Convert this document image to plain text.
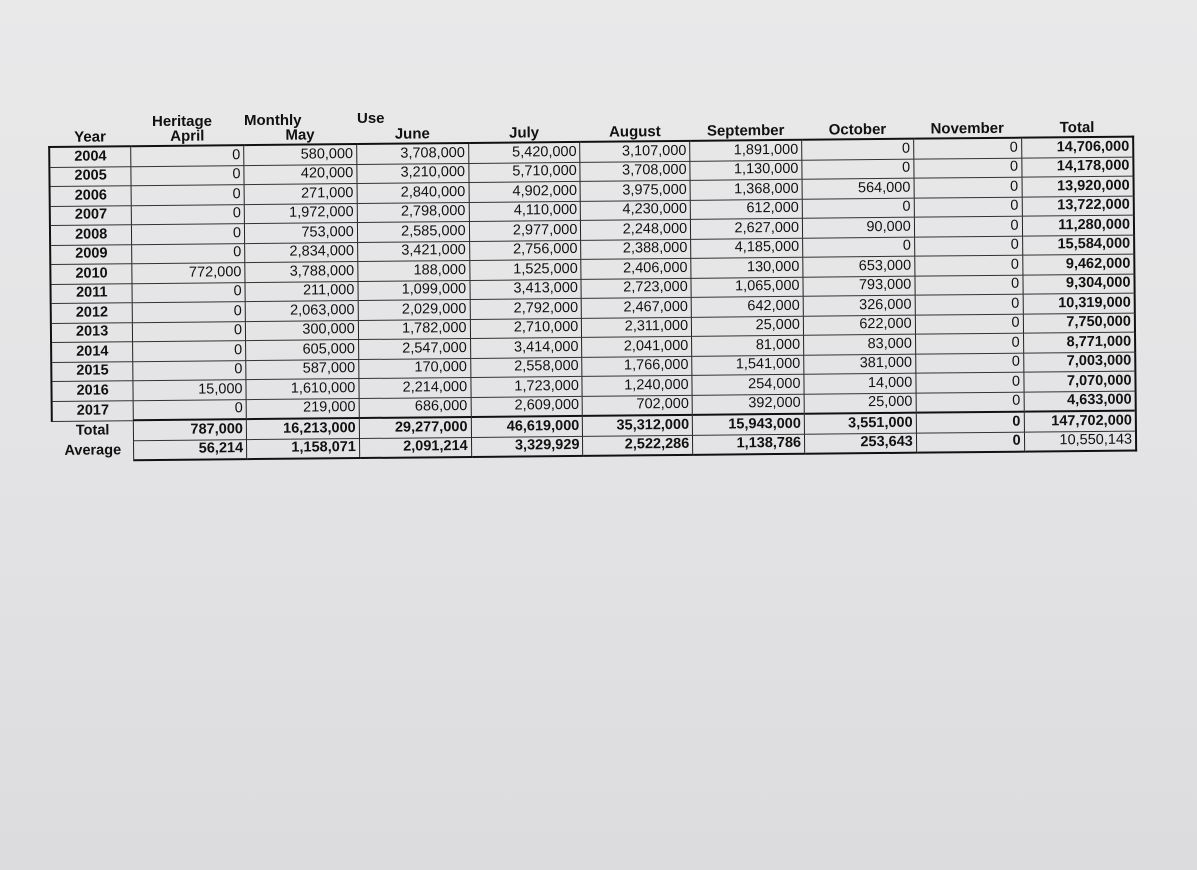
Heritage Monthly	Use
Year	April	May	June	July	August	September	October	November	Total
2004	0	580,000	3,708,000	5,420,000	3,107,000	1,891,000	0	0	14,706,000
2005	0	420,000	3,210,000	5,710,000	3,708,000	1,130,000	0	0	14,178,000
2006	0	271,000	2,840,000	4,902,000	3,975,000	1,368,000	564,000	0	13,920,000
2007	0	1,972,000	2,798,000	4,110,000	4,230,000	612,000	0	0	13,722,000
2008	0	753,000	2,585,000	2,977,000	2,248,000	2,627,000	90,000	0	11,280,000
2009	0	2,834,000	3,421,000	2,756,000	2,388,000	4,185,000	0	0	15,584,000
2010	772,000	3,788,000	188,000	1,525,000	2,406,000	130,000	653,000	0	9,462,000
2011	0	211,000	1,099,000	3,413,000	2,723,000	1,065,000	793,000	0	9,304,000
2012	0	2,063,000	2,029,000	2,792,000	2,467,000	642,000	326,000	0	10,319,000
2013	0	300,000	1,782,000	2,710,000	2,311,000	25,000	622,000	0	7,750,000
2014	0	605,000	2,547,000	3,414,000	2,041,000	81,000	83,000	0	8,771,000
2015	0	587,000	170,000	2,558,000	1,766,000	1,541,000	381,000	0	7,003,000
2016	15,000	1,610,000	2,214,000	1,723,000	1,240,000	254,000	14,000	0	7,070,000
2017	0	219,000	686,000	2,609,000	702,000	392,000	25,000	0	4,633,000
Total	787,000	16,213,000	29,277,000	46,619,000	35,312,000	15,943,000	3,551,000	0	147,702,000
Average	56,214	1,158,071	2,091,214	3,329,929	2,522,286	1,138,786	253,643	0	10,550,143
